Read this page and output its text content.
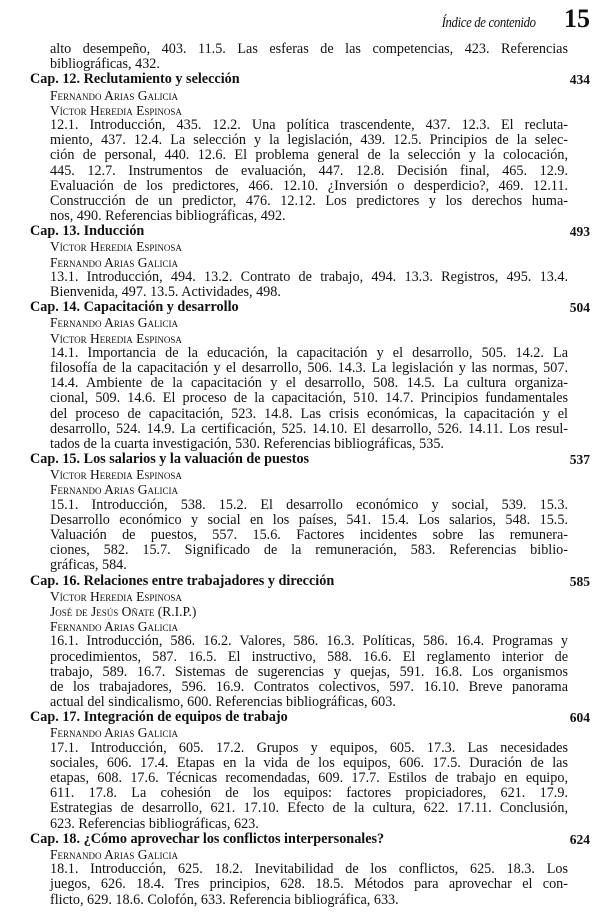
Índice de contenido 15
alto desempeño, 403. 11.5. Las esferas de las competencias, 423. Referencias
bibliográficas, 432.
Cap. 12. Reclutamiento y selección	434
Fernando Arias Galicia
Víctor Heredia Espinosa
12.1. Introducción, 435. 12.2. Una política trascendente, 437. 12.3. El recluta-
miento, 437. 12.4. La selección y la legislación, 439. 12.5. Principios de la selec-
ción de personal, 440. 12.6. El problema general de la selección y la colocación,
445. 12.7. Instrumentos de evaluación, 447. 12.8. Decisión final, 465. 12.9.
Evaluación de los predictores, 466. 12.10. ¿Inversión o desperdicio?, 469. 12.11.
Construcción de un predictor, 476. 12.12. Los predictores y los derechos huma-
nos, 490. Referencias bibliográficas, 492.
Cap. 13. Inducción	493
Víctor Heredia Espinosa
Fernando Arias Galicia
13.1. Introducción, 494. 13.2. Contrato de trabajo, 494. 13.3. Registros, 495. 13.4.
Bienvenida, 497. 13.5. Actividades, 498.
Cap. 14. Capacitación y desarrollo	504
Fernando Arias Galicia
Víctor Heredia Espinosa
14.1. Importancia de la educación, la capacitación y el desarrollo, 505. 14.2. La
filosofía de la capacitación y el desarrollo, 506. 14.3. La legislación y las normas, 507.
14.4. Ambiente de la capacitación y el desarrollo, 508. 14.5. La cultura organiza-
cional, 509. 14.6. El proceso de la capacitación, 510. 14.7. Principios fundamentales
del proceso de capacitación, 523. 14.8. Las crisis económicas, la capacitación y el
desarrollo, 524. 14.9. La certificación, 525. 14.10. El desarrollo, 526. 14.11. Los resul-
tados de la cuarta investigación, 530. Referencias bibliográficas, 535.
Cap. 15. Los salarios y la valuación de puestos	537
Víctor Heredia Espinosa
Fernando Arias Galicia
15.1. Introducción, 538. 15.2. El desarrollo económico y social, 539. 15.3.
Desarrollo económico y social en los países, 541. 15.4. Los salarios, 548. 15.5.
Valuación de puestos, 557. 15.6. Factores incidentes sobre las remunera-
ciones, 582. 15.7. Significado de la remuneración, 583. Referencias biblio-
gráficas, 584.
Cap. 16. Relaciones entre trabajadores y dirección	585
Víctor Heredia Espinosa
José de Jesús Oñate (R.I.P.)
Fernando Arias Galicia
16.1. Introducción, 586. 16.2. Valores, 586. 16.3. Políticas, 586. 16.4. Programas y
procedimientos, 587. 16.5. El instructivo, 588. 16.6. El reglamento interior de
trabajo, 589. 16.7. Sistemas de sugerencias y quejas, 591. 16.8. Los organismos
de los trabajadores, 596. 16.9. Contratos colectivos, 597. 16.10. Breve panorama
actual del sindicalismo, 600. Referencias bibliográficas, 603.
Cap. 17. Integración de equipos de trabajo	604
Fernando Arias Galicia
17.1. Introducción, 605. 17.2. Grupos y equipos, 605. 17.3. Las necesidades
sociales, 606. 17.4. Etapas en la vida de los equipos, 606. 17.5. Duración de las
etapas, 608. 17.6. Técnicas recomendadas, 609. 17.7. Estilos de trabajo en equipo,
611. 17.8. La cohesión de los equipos: factores propiciadores, 621. 17.9.
Estrategias de desarrollo, 621. 17.10. Efecto de la cultura, 622. 17.11. Conclusión,
623. Referencias bibliográficas, 623.
Cap. 18. ¿Cómo aprovechar los conflictos interpersonales?	624
Fernando Arias Galicia
18.1. Introducción, 625. 18.2. Inevitabilidad de los conflictos, 625. 18.3. Los
juegos, 626. 18.4. Tres principios, 628. 18.5. Métodos para aprovechar el con-
flicto, 629. 18.6. Colofón, 633. Referencia bibliográfica, 633.
